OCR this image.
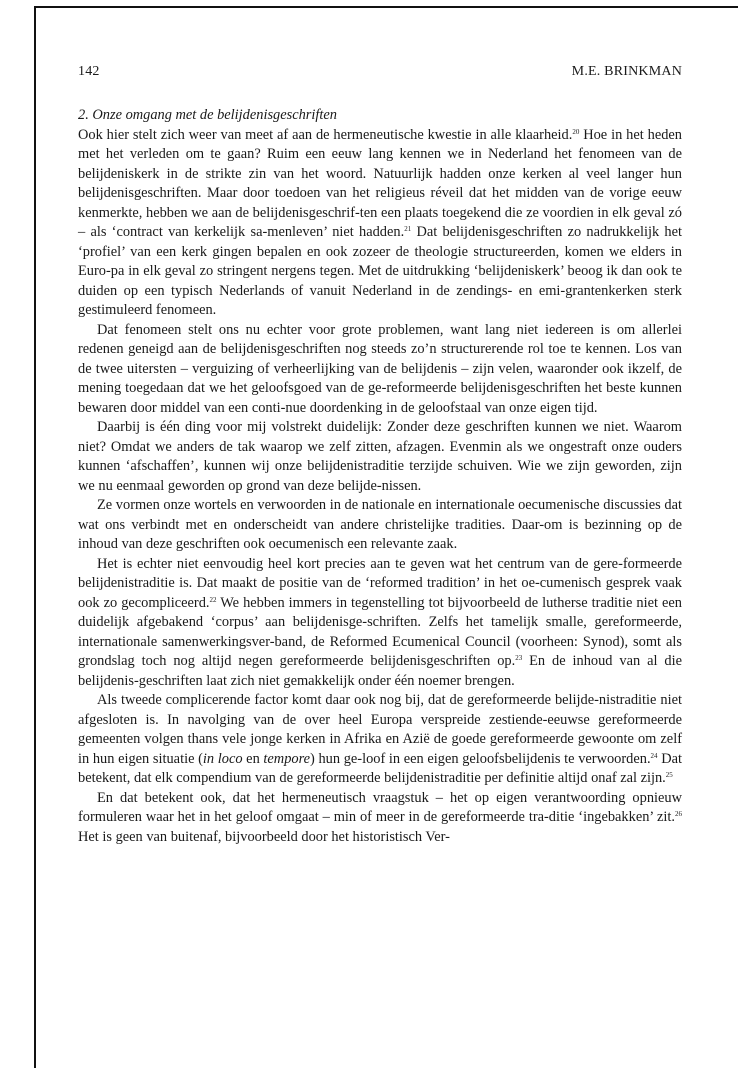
142	M.E. BRINKMAN

2. Onze omgang met de belijdenisgeschriften

Ook hier stelt zich weer van meet af aan de hermeneutische kwestie in alle klaarheid.$^{20}$ Hoe in het heden met het verleden om te gaan? Ruim een eeuw lang kennen we in Nederland het fenomeen van de belijdeniskerk in de strikte zin van het woord. Natuurlijk hadden onze kerken al veel langer hun belijdenisgeschriften. Maar door toedoen van het religieus réveil dat het midden van de vorige eeuw kenmerkte, hebben we aan de belijdenisgeschrif-ten een plaats toegekend die ze voordien in elk geval zó – als ‘contract van kerkelijk sa-menleven’ niet hadden.$^{21}$ Dat belijdenisgeschriften zo nadrukkelijk het ‘profiel’ van een kerk gingen bepalen en ook zozeer de theologie structureerden, komen we elders in Euro-pa in elk geval zo stringent nergens tegen. Met de uitdrukking ‘belijdeniskerk’ beoog ik dan ook te duiden op een typisch Nederlands of vanuit Nederland in de zendings- en emi-grantenkerken sterk gestimuleerd fenomeen.

Dat fenomeen stelt ons nu echter voor grote problemen, want lang niet iedereen is om allerlei redenen geneigd aan de belijdenisgeschriften nog steeds zo’n structurerende rol toe te kennen. Los van de twee uitersten – verguizing of verheerlijking van de belijdenis – zijn velen, waaronder ook ikzelf, de mening toegedaan dat we het geloofsgoed van de ge-reformeerde belijdenisgeschriften het beste kunnen bewaren door middel van een conti-nue doordenking in de geloofstaal van onze eigen tijd.

Daarbij is één ding voor mij volstrekt duidelijk: Zonder deze geschriften kunnen we niet. Waarom niet? Omdat we anders de tak waarop we zelf zitten, afzagen. Evenmin als we ongestraft onze ouders kunnen ‘afschaffen’, kunnen wij onze belijdenistraditie terzijde schuiven. Wie we zijn geworden, zijn we nu eenmaal geworden op grond van deze belijde-nissen.

Ze vormen onze wortels en verwoorden in de nationale en internationale oecumenische discussies dat wat ons verbindt met en onderscheidt van andere christelijke tradities. Daar-om is bezinning op de inhoud van deze geschriften ook oecumenisch een relevante zaak.

Het is echter niet eenvoudig heel kort precies aan te geven wat het centrum van de gere-formeerde belijdenistraditie is. Dat maakt de positie van de ‘reformed tradition’ in het oe-cumenisch gesprek vaak ook zo gecompliceerd.$^{22}$ We hebben immers in tegenstelling tot bijvoorbeeld de lutherse traditie niet een duidelijk afgebakend ‘corpus’ aan belijdenisge-schriften. Zelfs het tamelijk smalle, gereformeerde, internationale samenwerkingsver-band, de Reformed Ecumenical Council (voorheen: Synod), somt als grondslag toch nog altijd negen gereformeerde belijdenisgeschriften op.$^{23}$ En de inhoud van al die belijdenis-geschriften laat zich niet gemakkelijk onder één noemer brengen.

Als tweede complicerende factor komt daar ook nog bij, dat de gereformeerde belijde-nistraditie niet afgesloten is. In navolging van de over heel Europa verspreide zestiende-eeuwse gereformeerde gemeenten volgen thans vele jonge kerken in Afrika en Azië de goede gereformeerde gewoonte om zelf in hun eigen situatie (in loco en tempore) hun ge-loof in een eigen geloofsbelijdenis te verwoorden.$^{24}$ Dat betekent, dat elk compendium van de gereformeerde belijdenistraditie per definitie altijd onaf zal zijn.$^{25}$

En dat betekent ook, dat het hermeneutisch vraagstuk – het op eigen verantwoording opnieuw formuleren waar het in het geloof omgaat – min of meer in de gereformeerde tra-ditie ‘ingebakken’ zit.$^{26}$ Het is geen van buitenaf, bijvoorbeeld door het historistisch Ver-
